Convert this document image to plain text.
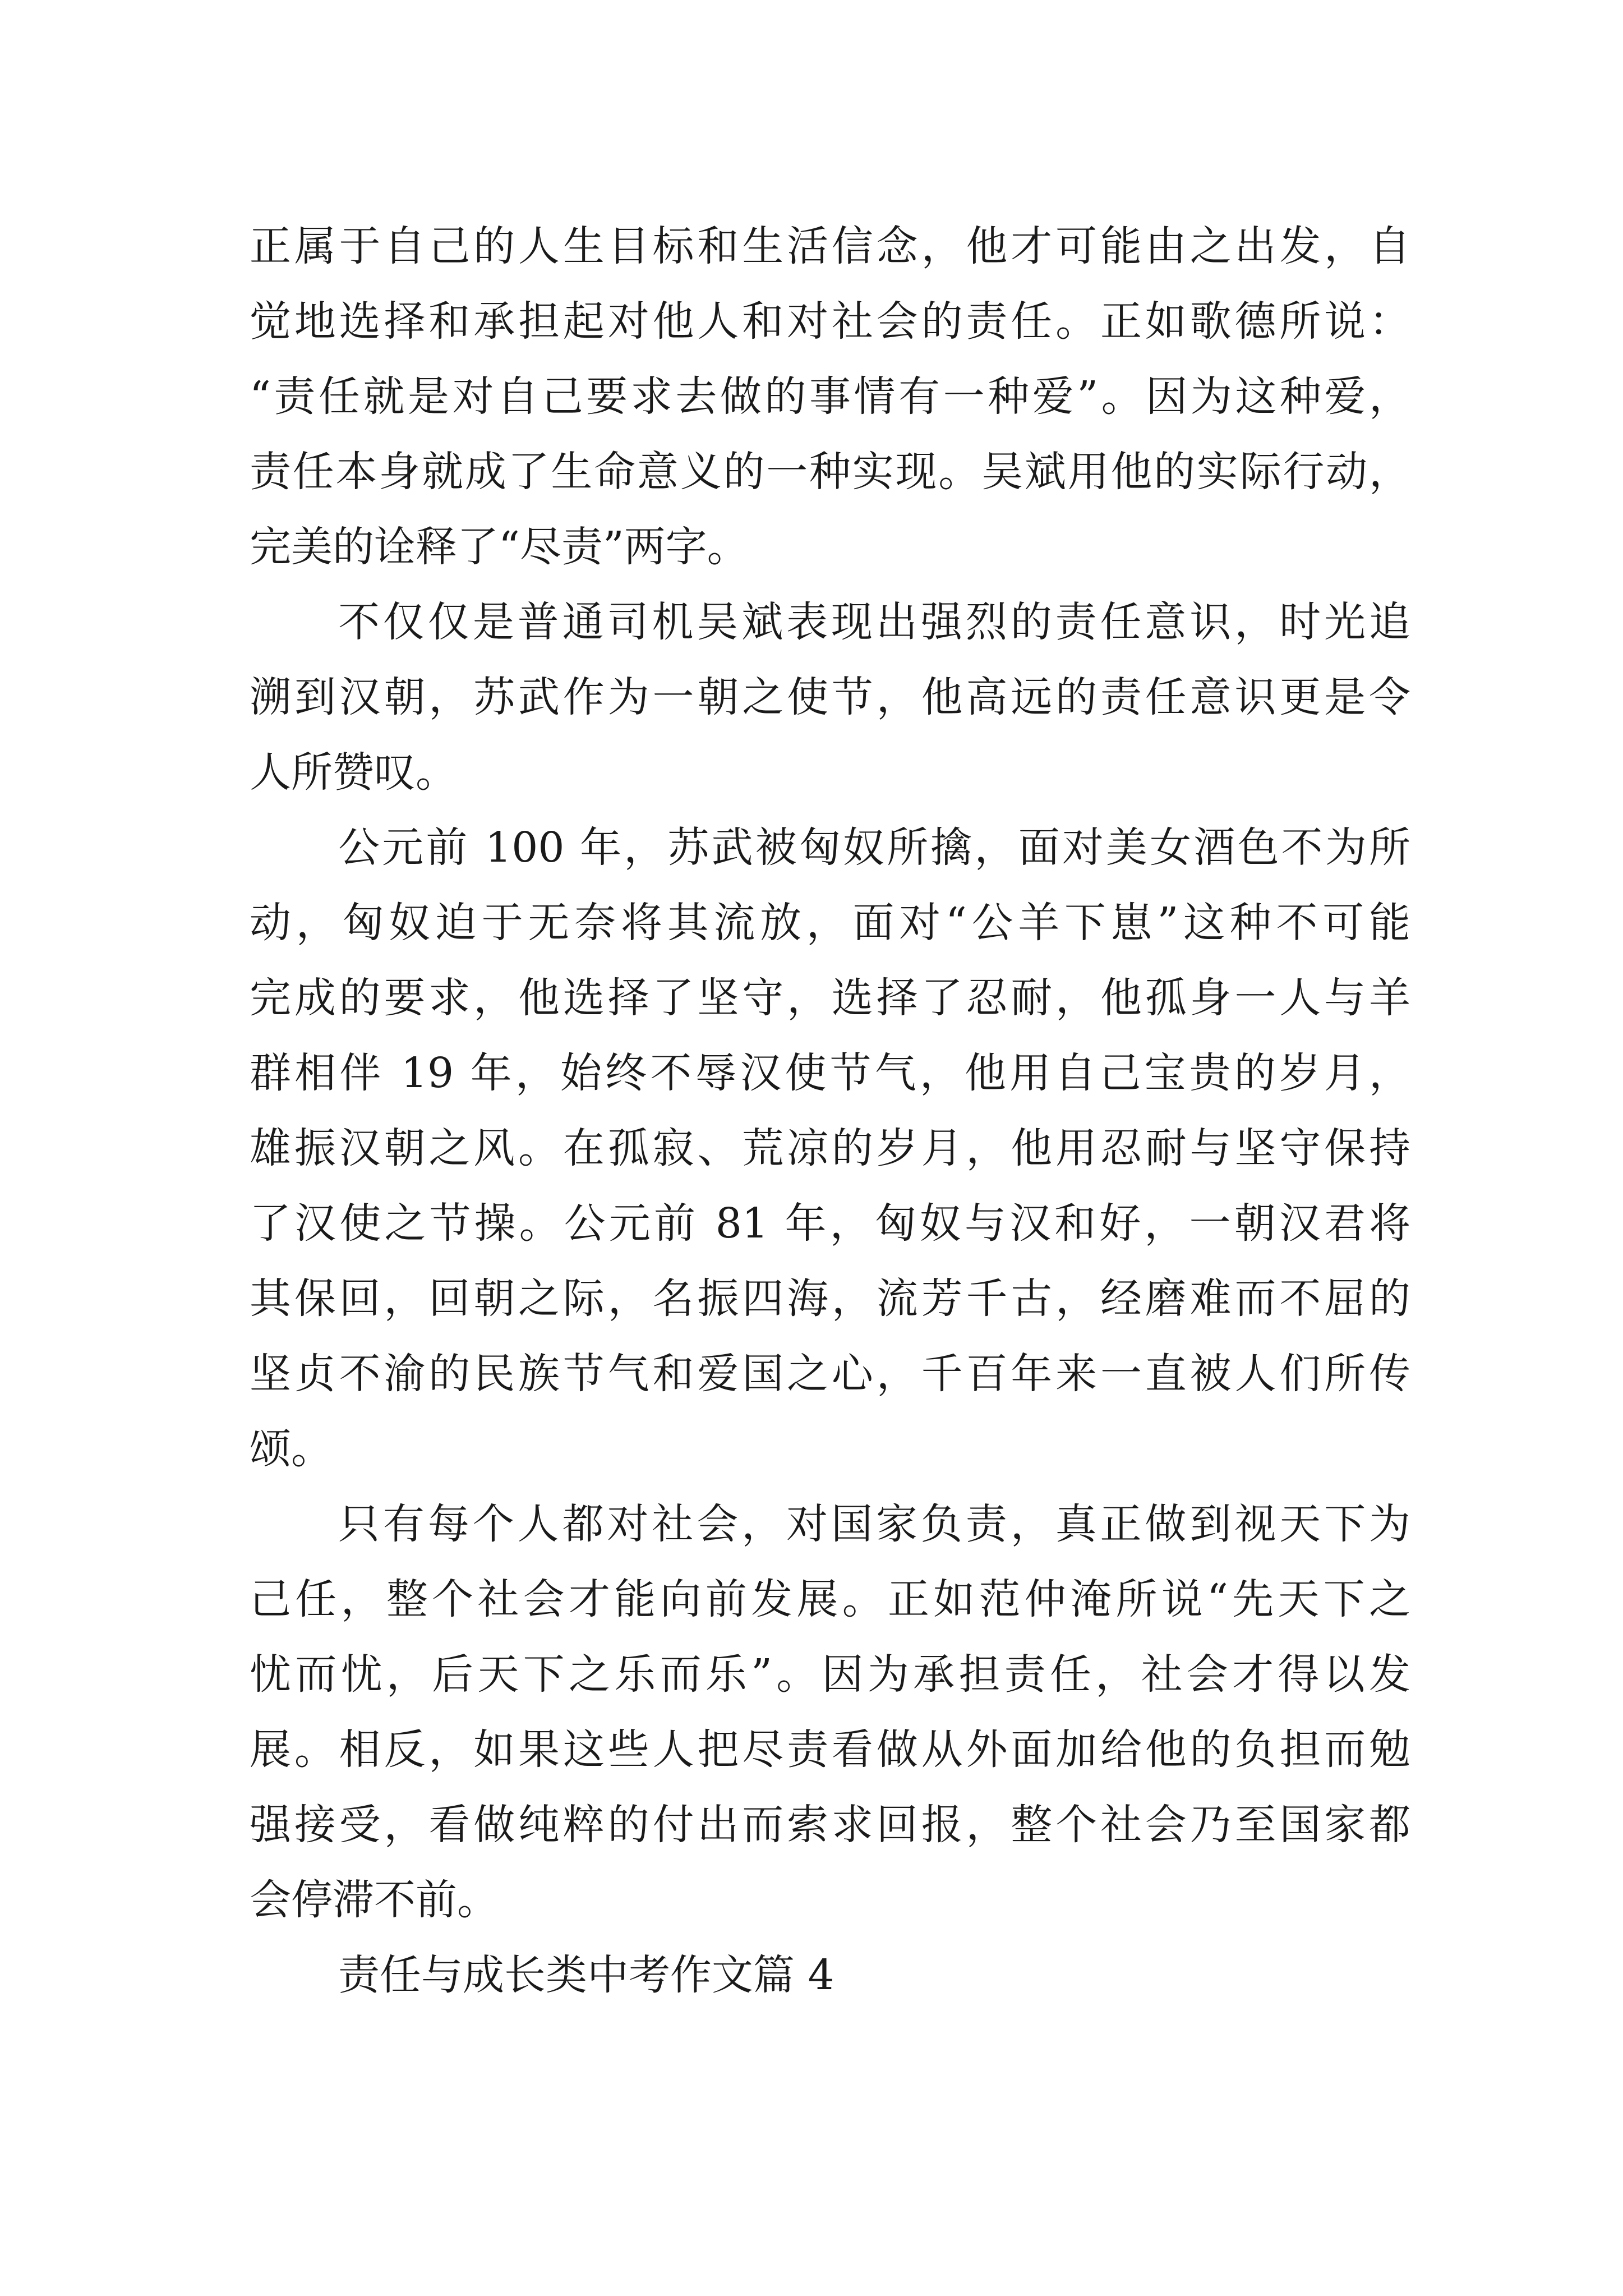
正属于自己的人生目标和生活信念，他才可能由之出发，自
觉地选择和承担起对他人和对社会的责任。正如歌德所说：
“责任就是对自己要求去做的事情有一种爱”。因为这种爱，
责任本身就成了生命意义的一种实现。吴斌用他的实际行动，
完美的诠释了“尽责”两字。
不仅仅是普通司机吴斌表现出强烈的责任意识，时光追
溯到汉朝，苏武作为一朝之使节，他高远的责任意识更是令
人所赞叹。
公元前 100 年，苏武被匈奴所擒，面对美女酒色不为所
动，匈奴迫于无奈将其流放，面对“公羊下崽”这种不可能
完成的要求，他选择了坚守，选择了忍耐，他孤身一人与羊
群相伴 19 年，始终不辱汉使节气，他用自己宝贵的岁月，
雄振汉朝之风。在孤寂、荒凉的岁月，他用忍耐与坚守保持
了汉使之节操。公元前 81 年，匈奴与汉和好，一朝汉君将
其保回，回朝之际，名振四海，流芳千古，经磨难而不屈的
坚贞不渝的民族节气和爱国之心，千百年来一直被人们所传
颂。
只有每个人都对社会，对国家负责，真正做到视天下为
己任，整个社会才能向前发展。正如范仲淹所说“先天下之
忧而忧，后天下之乐而乐”。因为承担责任，社会才得以发
展。相反，如果这些人把尽责看做从外面加给他的负担而勉
强接受，看做纯粹的付出而索求回报，整个社会乃至国家都
会停滞不前。
责任与成长类中考作文篇 4
